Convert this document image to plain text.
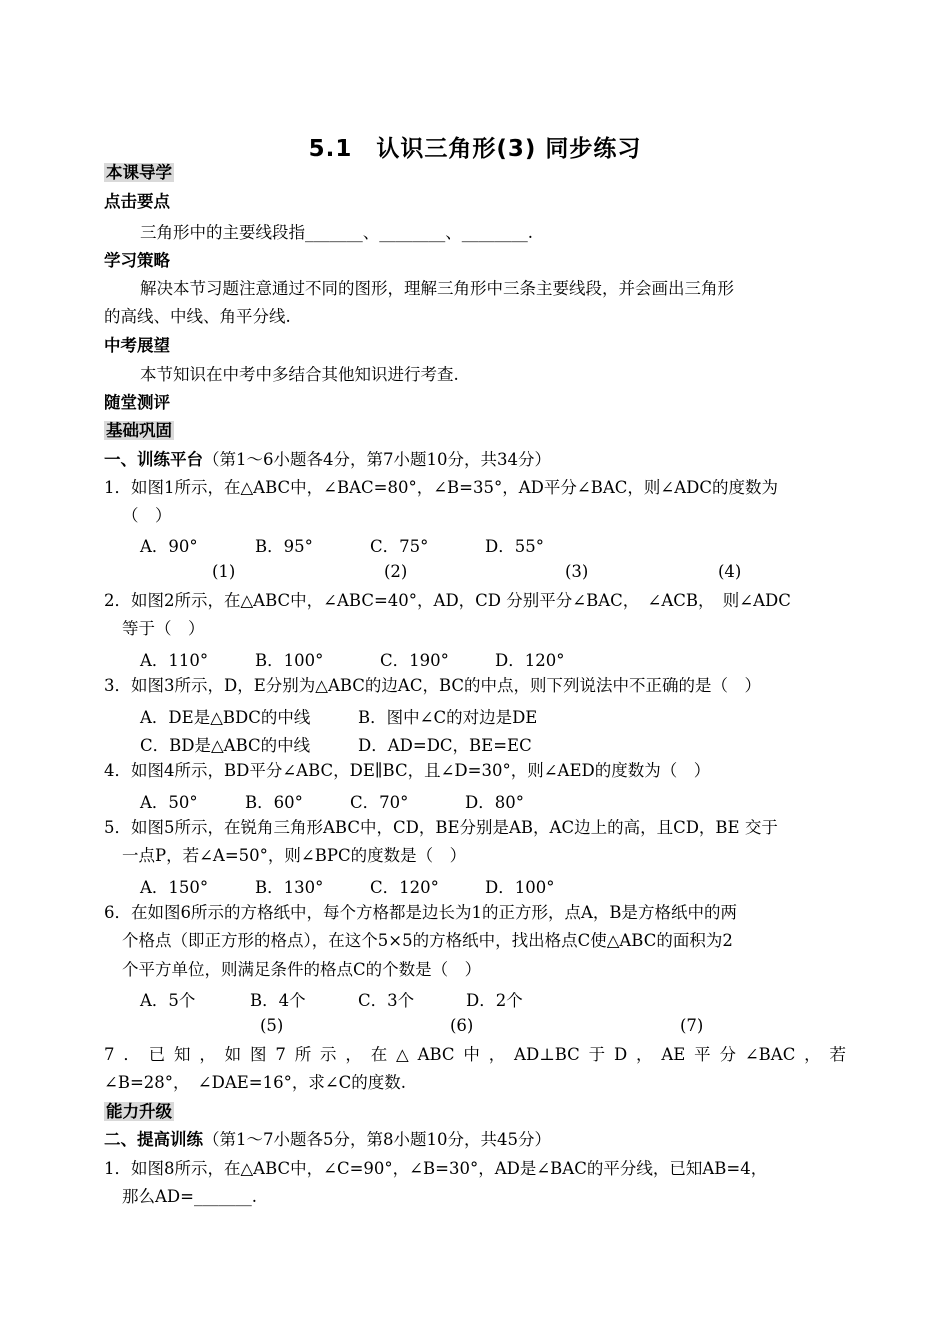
5.1　认识三角形(3) 同步练习
本课导学
点击要点
三角形中的主要线段指_______、________、________.
学习策略
解决本节习题注意通过不同的图形，理解三角形中三条主要线段，并会画出三角形
的高线、中线、角平分线.
中考展望
本节知识在中考中多结合其他知识进行考查.
随堂测评
基础巩固
一、训练平台（第1～6小题各4分，第7小题10分，共34分）
1．如图1所示，在△ABC中，∠BAC=80°，∠B=35°，AD平分∠BAC，则∠ADC的度数为
（　）
A．90°	B．95°	C．75°	D．55°
(1)	(2)	(3)	(4)
2．如图2所示，在△ABC中，∠ABC=40°，AD，CD 分别平分∠BAC，　∠ACB，　则∠ADC
等于（　）
A．110°	B．100°	C．190°	D．120°
3．如图3所示，D，E分别为△ABC的边AC，BC的中点，则下列说法中不正确的是（　）
A．DE是△BDC的中线	B．图中∠C的对边是DE
C．BD是△ABC的中线	D．AD=DC，BE=EC
4．如图4所示，BD平分∠ABC，DE∥BC，且∠D=30°，则∠AED的度数为（　）
A．50°	B．60°	C．70°	D．80°
5．如图5所示，在锐角三角形ABC中，CD，BE分别是AB，AC边上的高，且CD，BE 交于
一点P，若∠A=50°，则∠BPC的度数是（　）
A．150°	B．130°	C．120°	D．100°
6．在如图6所示的方格纸中，每个方格都是边长为1的正方形，点A，B是方格纸中的两
个格点（即正方形的格点），在这个5×5的方格纸中，找出格点C使△ABC的面积为2
个平方单位，则满足条件的格点C的个数是（　）
A．5个	B．4个	C．3个	D．2个
(5)	(6)	(7)
7．已知，如图7所示，在△ABC中，AD⊥BC于D，AE平分∠BAC，若
∠B=28°，　∠DAE=16°，求∠C的度数.
能力升级
二、提高训练（第1～7小题各5分，第8小题10分，共45分）
1．如图8所示，在△ABC中，∠C=90°，∠B=30°，AD是∠BAC的平分线，已知AB=4，
那么AD=_______.
